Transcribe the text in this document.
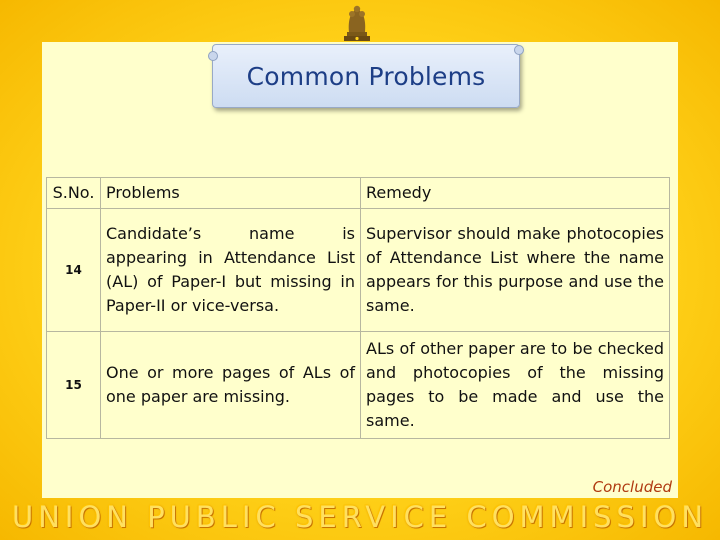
Common Problems
S.No.	Problems	Remedy
14	Candidate’s name is appearing in Attendance List (AL) of Paper-I but missing in Paper-II or vice-versa.	Supervisor should make photocopies of Attendance List where the name appears for this purpose and use the same.
15	One or more pages of ALs of one paper are missing.	ALs of other paper are to be checked and photocopies of the missing pages to be made and use the same.
Concluded
UNION PUBLIC SERVICE COMMISSION
